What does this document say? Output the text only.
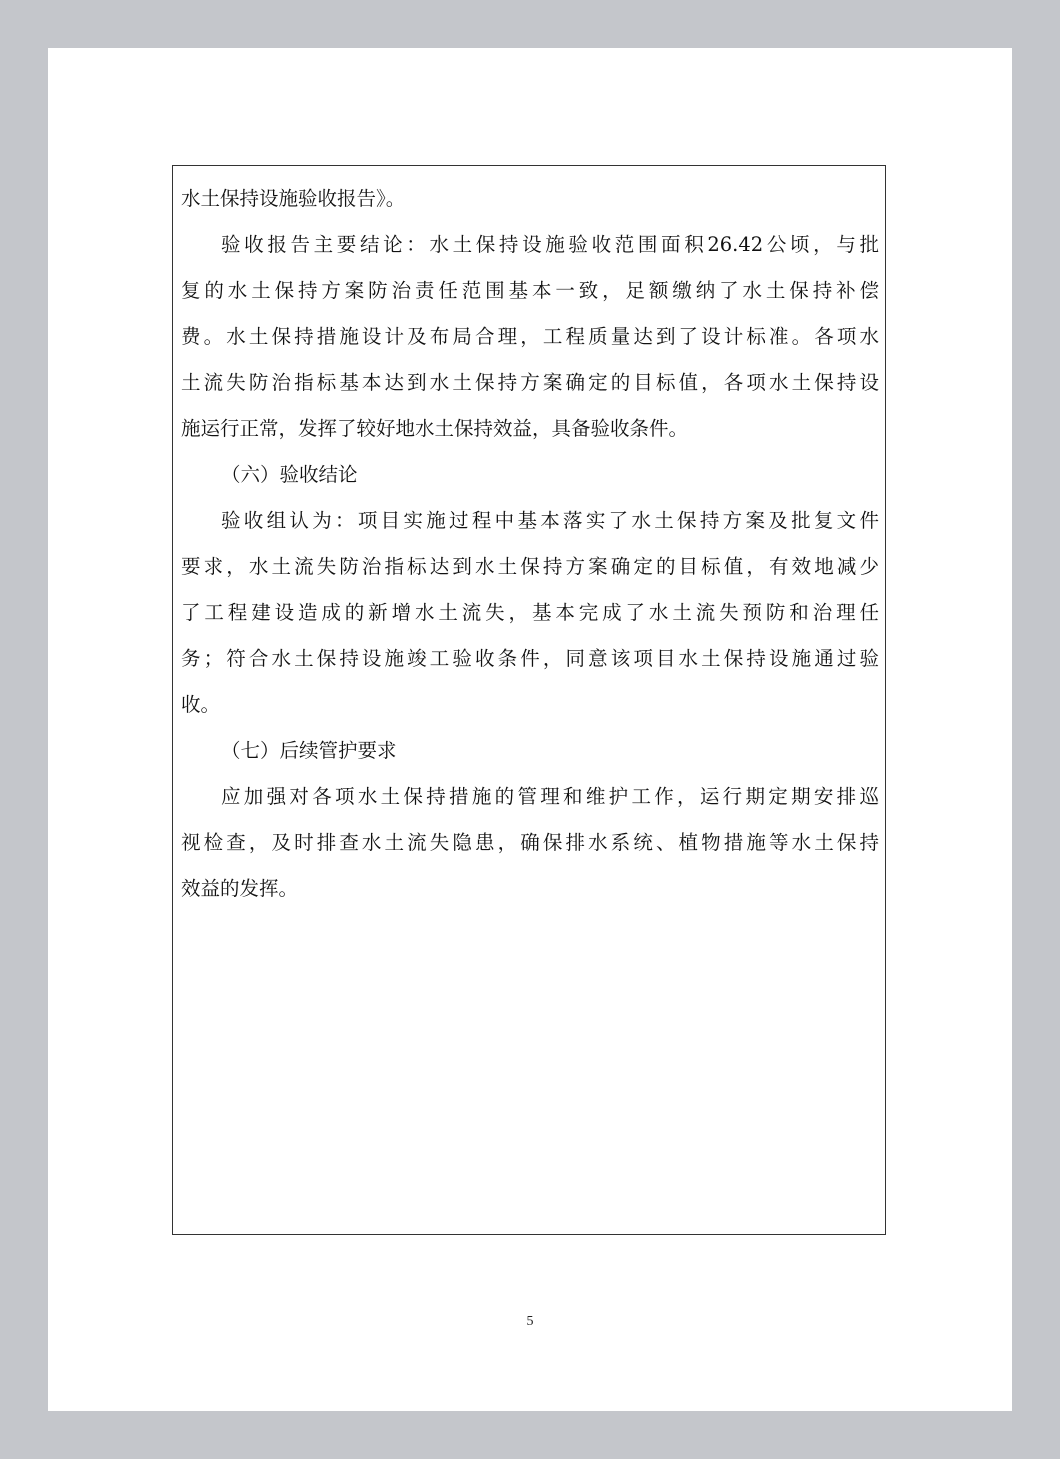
水土保持设施验收报告》。
验收报告主要结论：水土保持设施验收范围面积26.42公顷，与批
复的水土保持方案防治责任范围基本一致，足额缴纳了水土保持补偿
费。水土保持措施设计及布局合理，工程质量达到了设计标准。各项水
土流失防治指标基本达到水土保持方案确定的目标值，各项水土保持设
施运行正常，发挥了较好地水土保持效益，具备验收条件。
（六）验收结论
验收组认为：项目实施过程中基本落实了水土保持方案及批复文件
要求，水土流失防治指标达到水土保持方案确定的目标值，有效地减少
了工程建设造成的新增水土流失，基本完成了水土流失预防和治理任
务；符合水土保持设施竣工验收条件，同意该项目水土保持设施通过验
收。
（七）后续管护要求
应加强对各项水土保持措施的管理和维护工作，运行期定期安排巡
视检查，及时排查水土流失隐患，确保排水系统、植物措施等水土保持
效益的发挥。
5
